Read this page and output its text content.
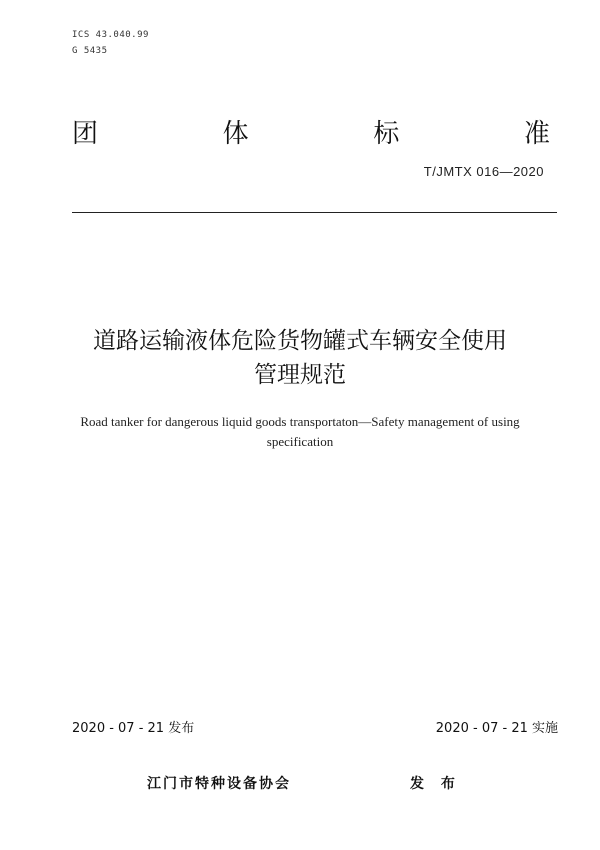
ICS 43.040.99
G 5435
团	体	标	准
T/JMTX 016—2020
道路运输液体危险货物罐式车辆安全使用
管理规范
Road tanker for dangerous liquid goods transportaton—Safety management of using
specification
2020 - 07 - 21 发布	2020 - 07 - 21 实施
江门市特种设备协会	发 布
